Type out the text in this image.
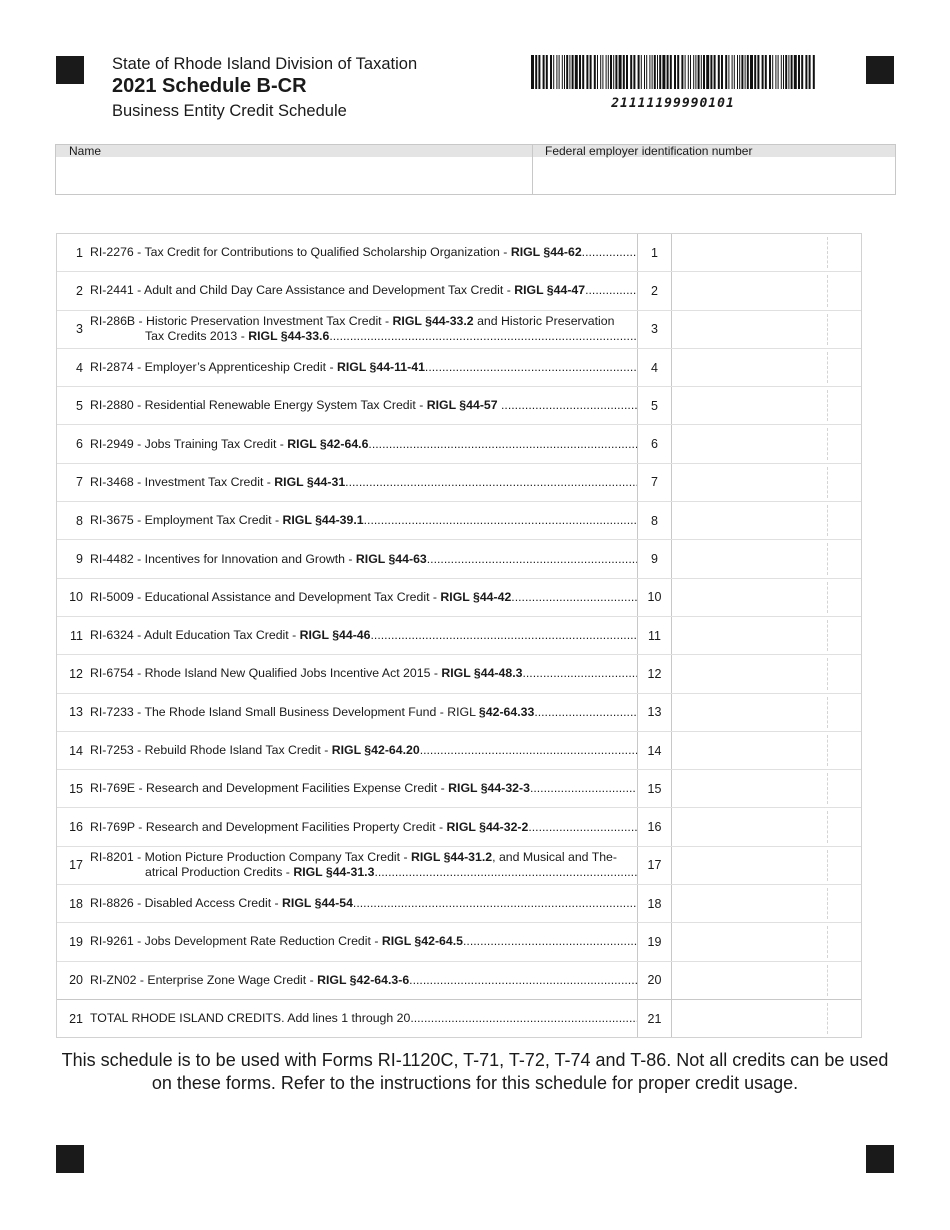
State of Rhode Island Division of Taxation
2021 Schedule B-CR
Business Entity Credit Schedule	21111199990101
Name	Federal employer identification number
1 RI-2276 - Tax Credit for Contributions to Qualified Scholarship Organization - RIGL §44-62 .....	1
2 RI-2441 - Adult and Child Day Care Assistance and Development Tax Credit - RIGL §44-47 .....	2
3
RI-286B - Historic Preservation Investment Tax Credit - RIGL §44-33.2 and Historic Preservation
Tax Credits 2013 - RIGL §44-33.6 .....	3
4 RI-2874 - Employer’s Apprenticeship Credit - RIGL §44-11-41 .....	4
5 RI-2880 - Residential Renewable Energy System Tax Credit - RIGL §44-57 .....	5
6 RI-2949 - Jobs Training Tax Credit - RIGL §42-64.6 .....	6
7 RI-3468 - Investment Tax Credit - RIGL §44-31 .....	7
8 RI-3675 - Employment Tax Credit - RIGL §44-39.1 .....	8
9 RI-4482 - Incentives for Innovation and Growth - RIGL §44-63 .....	9
10 RI-5009 - Educational Assistance and Development Tax Credit - RIGL §44-42 .....	10
11 RI-6324 - Adult Education Tax Credit - RIGL §44-46 .....	11
12 RI-6754 - Rhode Island New Qualified Jobs Incentive Act 2015 - RIGL §44-48.3 .....	12
13 RI-7233 - The Rhode Island Small Business Development Fund - RIGL §42-64.33 .....	13
14 RI-7253 - Rebuild Rhode Island Tax Credit - RIGL §42-64.20 .....	14
15 RI-769E - Research and Development Facilities Expense Credit - RIGL §44-32-3 .....	15
16 RI-769P - Research and Development Facilities Property Credit - RIGL §44-32-2 .....	16
17
RI-8201 - Motion Picture Production Company Tax Credit - RIGL §44-31.2, and Musical and The-
atrical Production Credits - RIGL §44-31.3 .....	17
18 RI-8826 - Disabled Access Credit - RIGL §44-54 .....	18
19 RI-9261 - Jobs Development Rate Reduction Credit - RIGL §42-64.5 .....	19
20 RI-ZN02 - Enterprise Zone Wage Credit - RIGL §42-64.3-6 .....	20
21 TOTAL RHODE ISLAND CREDITS. Add lines 1 through 20 .....	21
This schedule is to be used with Forms RI-1120C, T-71, T-72, T-74 and T-86. Not all credits can be used on these forms. Refer to the instructions for this schedule for proper credit usage.
